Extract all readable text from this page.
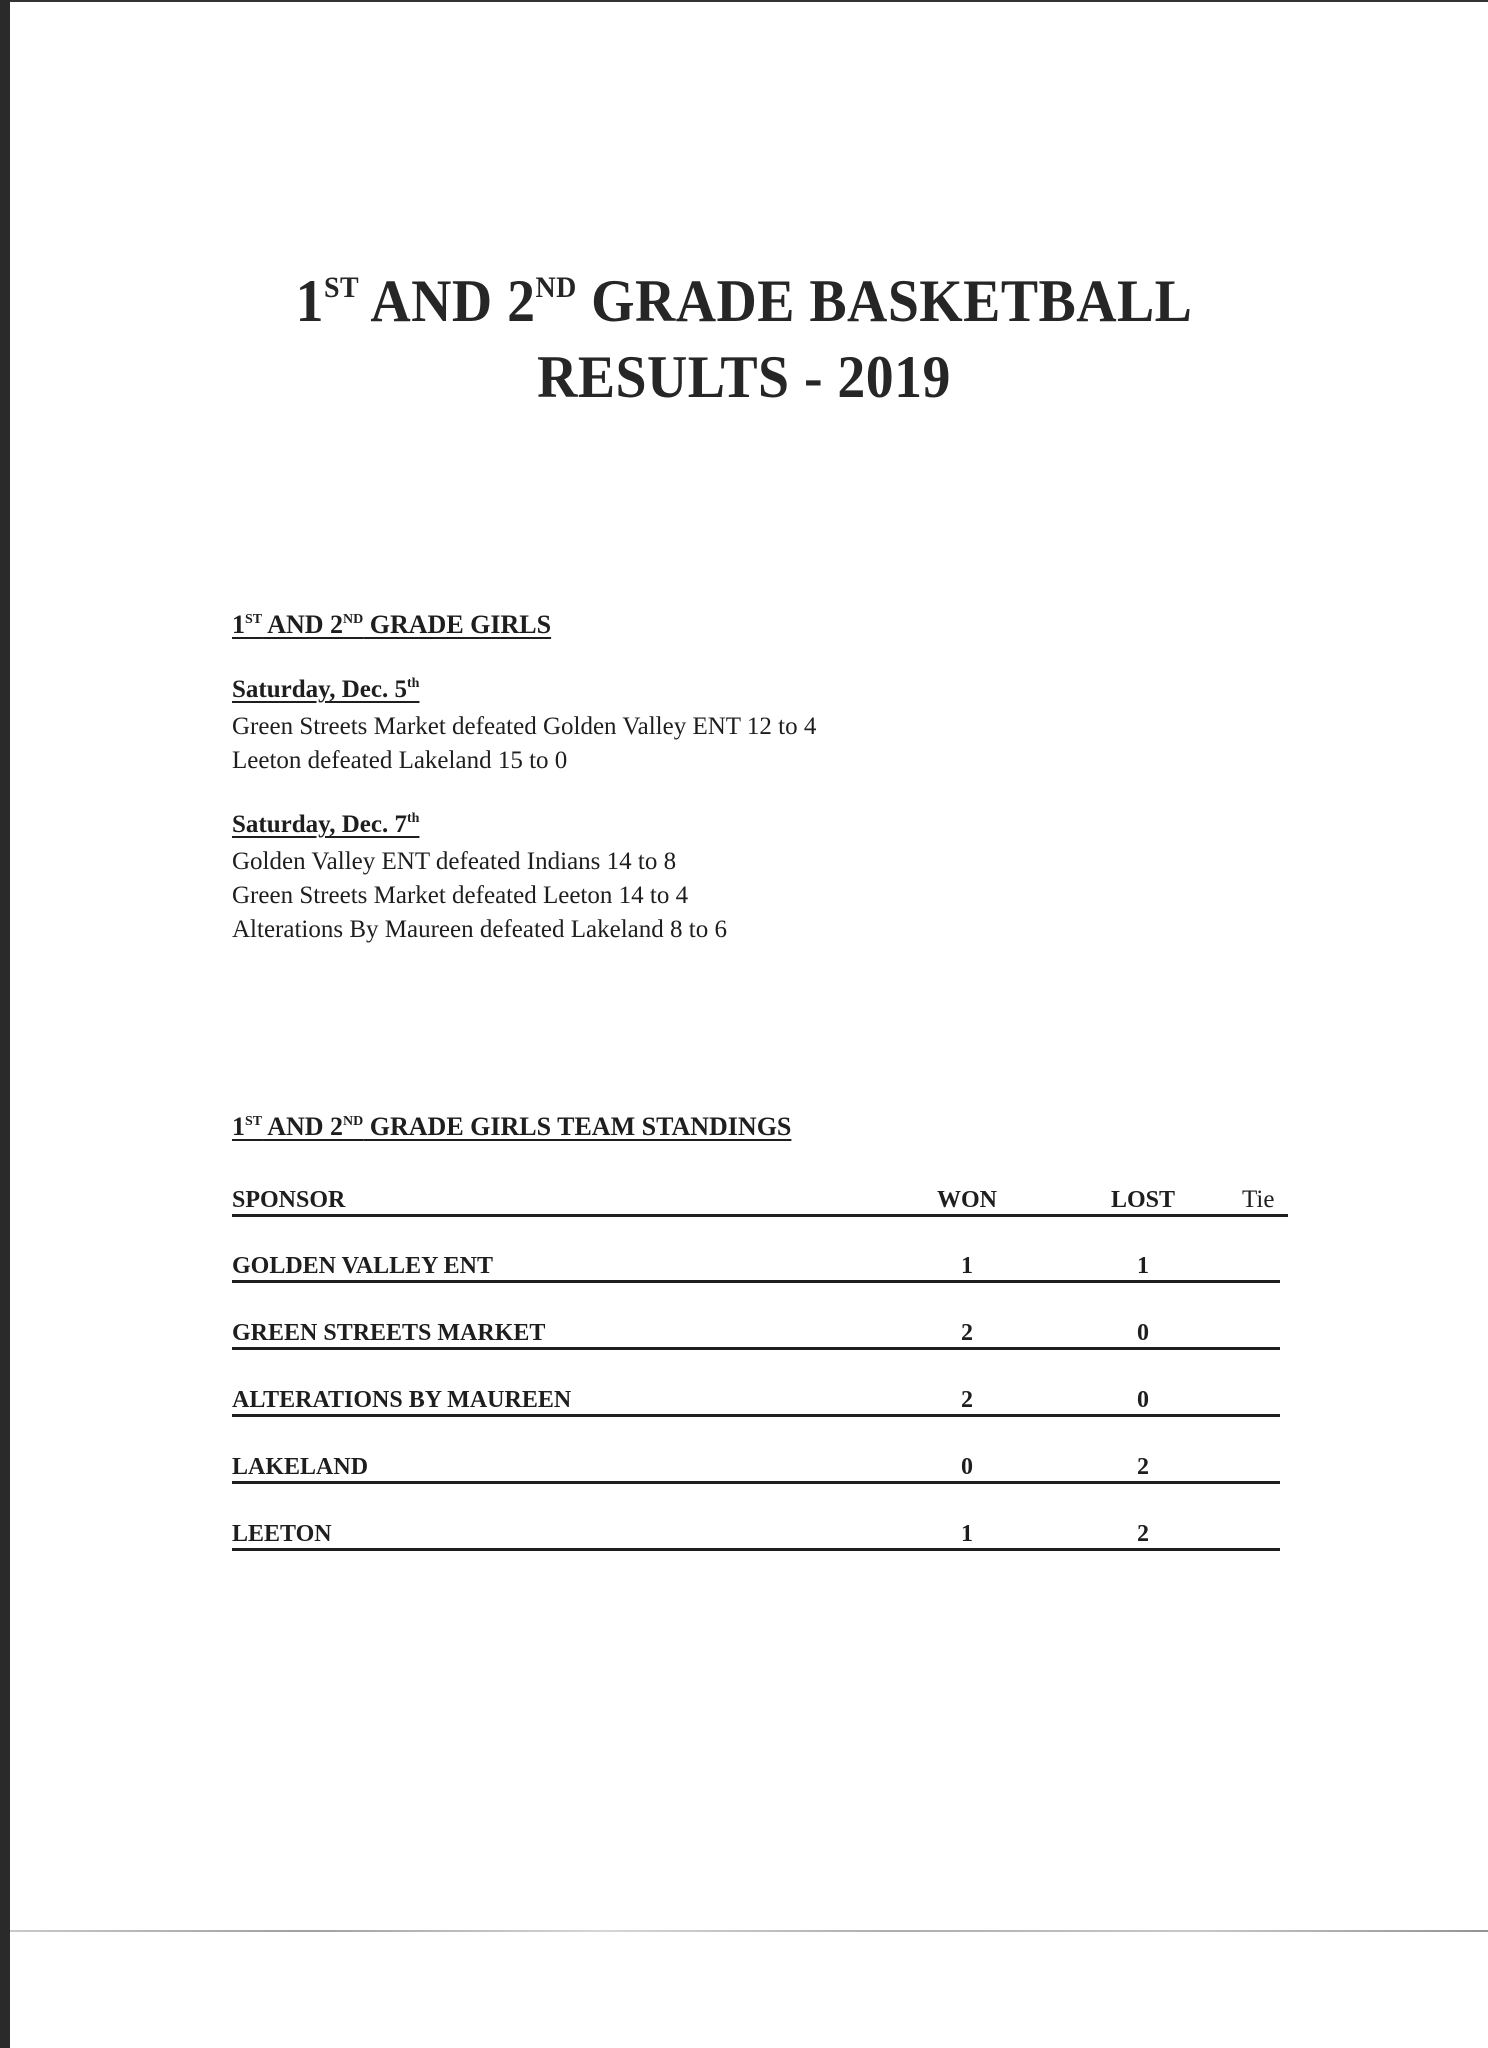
1ST AND 2ND GRADE BASKETBALL
RESULTS - 2019
1ST AND 2ND GRADE GIRLS
Saturday, Dec. 5th
Green Streets Market defeated Golden Valley ENT 12 to 4
Leeton defeated Lakeland 15 to 0
Saturday, Dec. 7th
Golden Valley ENT defeated Indians 14 to 8
Green Streets Market defeated Leeton 14 to 4
Alterations By Maureen defeated Lakeland 8 to 6
1ST AND 2ND GRADE GIRLS TEAM STANDINGS
SPONSOR	WON	LOST	Tie
GOLDEN VALLEY ENT	1	1
GREEN STREETS MARKET	2	0
ALTERATIONS BY MAUREEN	2	0
LAKELAND	0	2
LEETON	1	2
